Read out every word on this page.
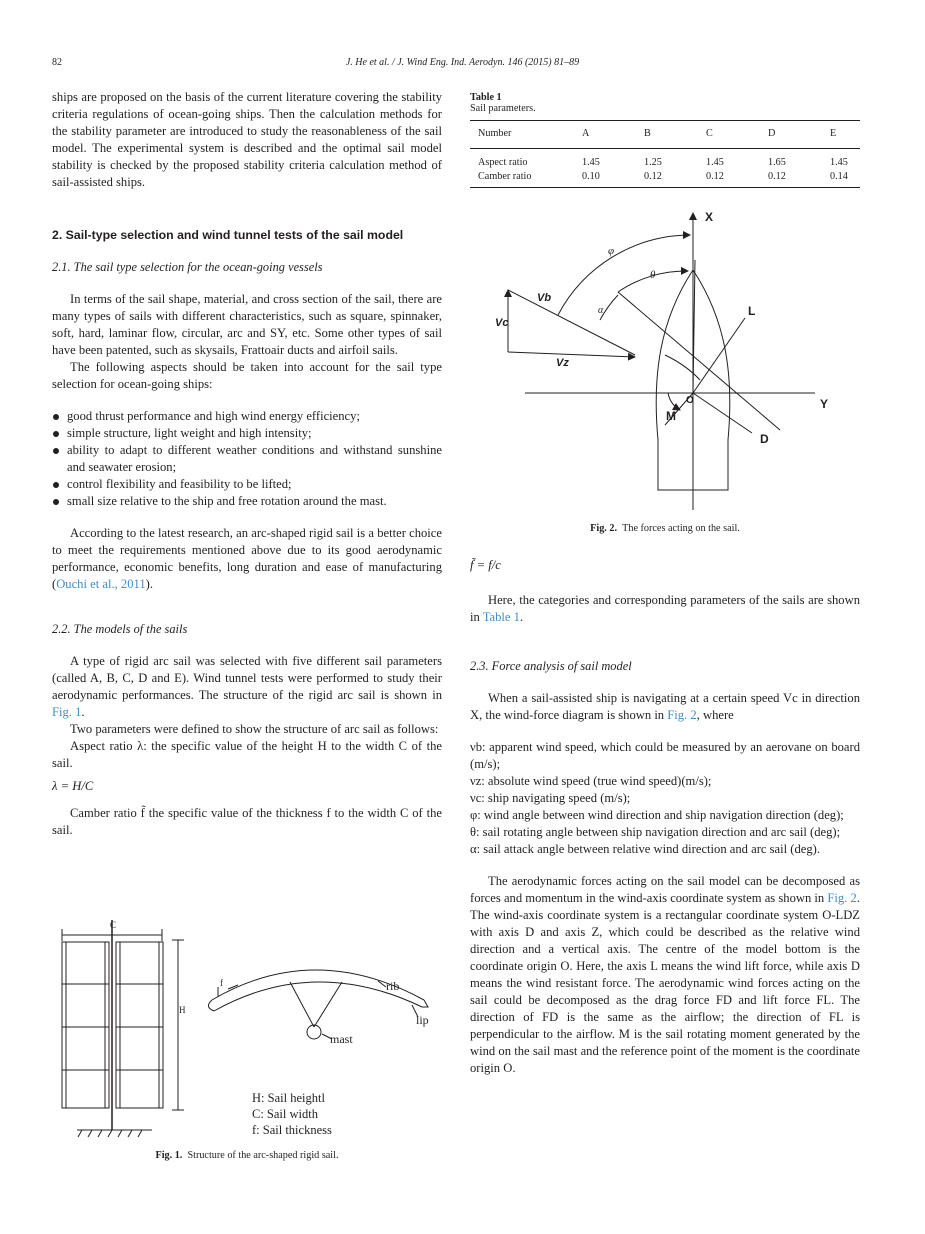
82	J. He et al. / J. Wind Eng. Ind. Aerodyn. 146 (2015) 81–89

ships are proposed on the basis of the current literature covering the stability criteria regulations of ocean-going ships. Then the calculation methods for the stability parameter are introduced to study the reasonableness of the sail model. The experimental system is described and the optimal sail model stability is checked by the proposed stability criteria calculation method of sail-assisted ships.

2. Sail-type selection and wind tunnel tests of the sail model

2.1. The sail type selection for the ocean-going vessels

In terms of the sail shape, material, and cross section of the sail, there are many types of sails with different characteristics, such as square, spinnaker, soft, hard, laminar flow, circular, arc and SY, etc. Some other types of sail have been patented, such as skysails, Frattoair ducts and airfoil sails.

The following aspects should be taken into account for the sail type selection for ocean-going ships:

good thrust performance and high wind energy efficiency;
simple structure, light weight and high intensity;
ability to adapt to different weather conditions and withstand sunshine and seawater erosion;
control flexibility and feasibility to be lifted;
small size relative to the ship and free rotation around the mast.

According to the latest research, an arc-shaped rigid sail is a better choice to meet the requirements mentioned above due to its good aerodynamic performance, economic benefits, long duration and ease of manufacturing (Ouchi et al., 2011).

2.2. The models of the sails

A type of rigid arc sail was selected with five different sail parameters (called A, B, C, D and E). Wind tunnel tests were performed to study their aerodynamic performances. The structure of the rigid arc sail is shown in Fig. 1.

Two parameters were defined to show the structure of arc sail as follows:

Aspect ratio λ: the specific value of the height H to the width C of the sail.

λ = H/C

Camber ratio f̃ the specific value of the thickness f to the width C of the sail.

C
H
f	rib
lip
mast
H: Sail heightl
C: Sail width
f: Sail thickness
Fig. 1. Structure of the arc-shaped rigid sail.
Table 1
Sail parameters.
Number	A	B	C	D	E
Aspect ratio	1.45	1.25	1.45	1.65	1.45
Camber ratio	0.10	0.12	0.12	0.12	0.14
X
Y
L
D
M
O
Vb
Vc
Vz
φ
θ
α
Fig. 2. The forces acting on the sail.

f̃ = f/c

Here, the categories and corresponding parameters of the sails are shown in Table 1.

2.3. Force analysis of sail model

When a sail-assisted ship is navigating at a certain speed Vc in direction X, the wind-force diagram is shown in Fig. 2, where

νb: apparent wind speed, which could be measured by an aerovane on board (m/s);

νz: absolute wind speed (true wind speed)(m/s);

νc: ship navigating speed (m/s);

φ: wind angle between wind direction and ship navigation direction (deg);

θ: sail rotating angle between ship navigation direction and arc sail (deg);

α: sail attack angle between relative wind direction and arc sail (deg).

The aerodynamic forces acting on the sail model can be decomposed as forces and momentum in the wind-axis coordinate system as shown in Fig. 2. The wind-axis coordinate system is a rectangular coordinate system O-LDZ with axis D and axis Z, which could be described as the relative wind direction and a vertical axis. The centre of the model bottom is the coordinate origin O. Here, the axis L means the wind lift force, while axis D means the wind resistant force. The aerodynamic wind forces acting on the sail could be decomposed as the drag force FD and lift force FL. The direction of FD is the same as the airflow; the direction of FL is perpendicular to the airflow. M is the sail rotating moment generated by the wind on the sail mast and the reference point of the moment is the coordinate origin O.
